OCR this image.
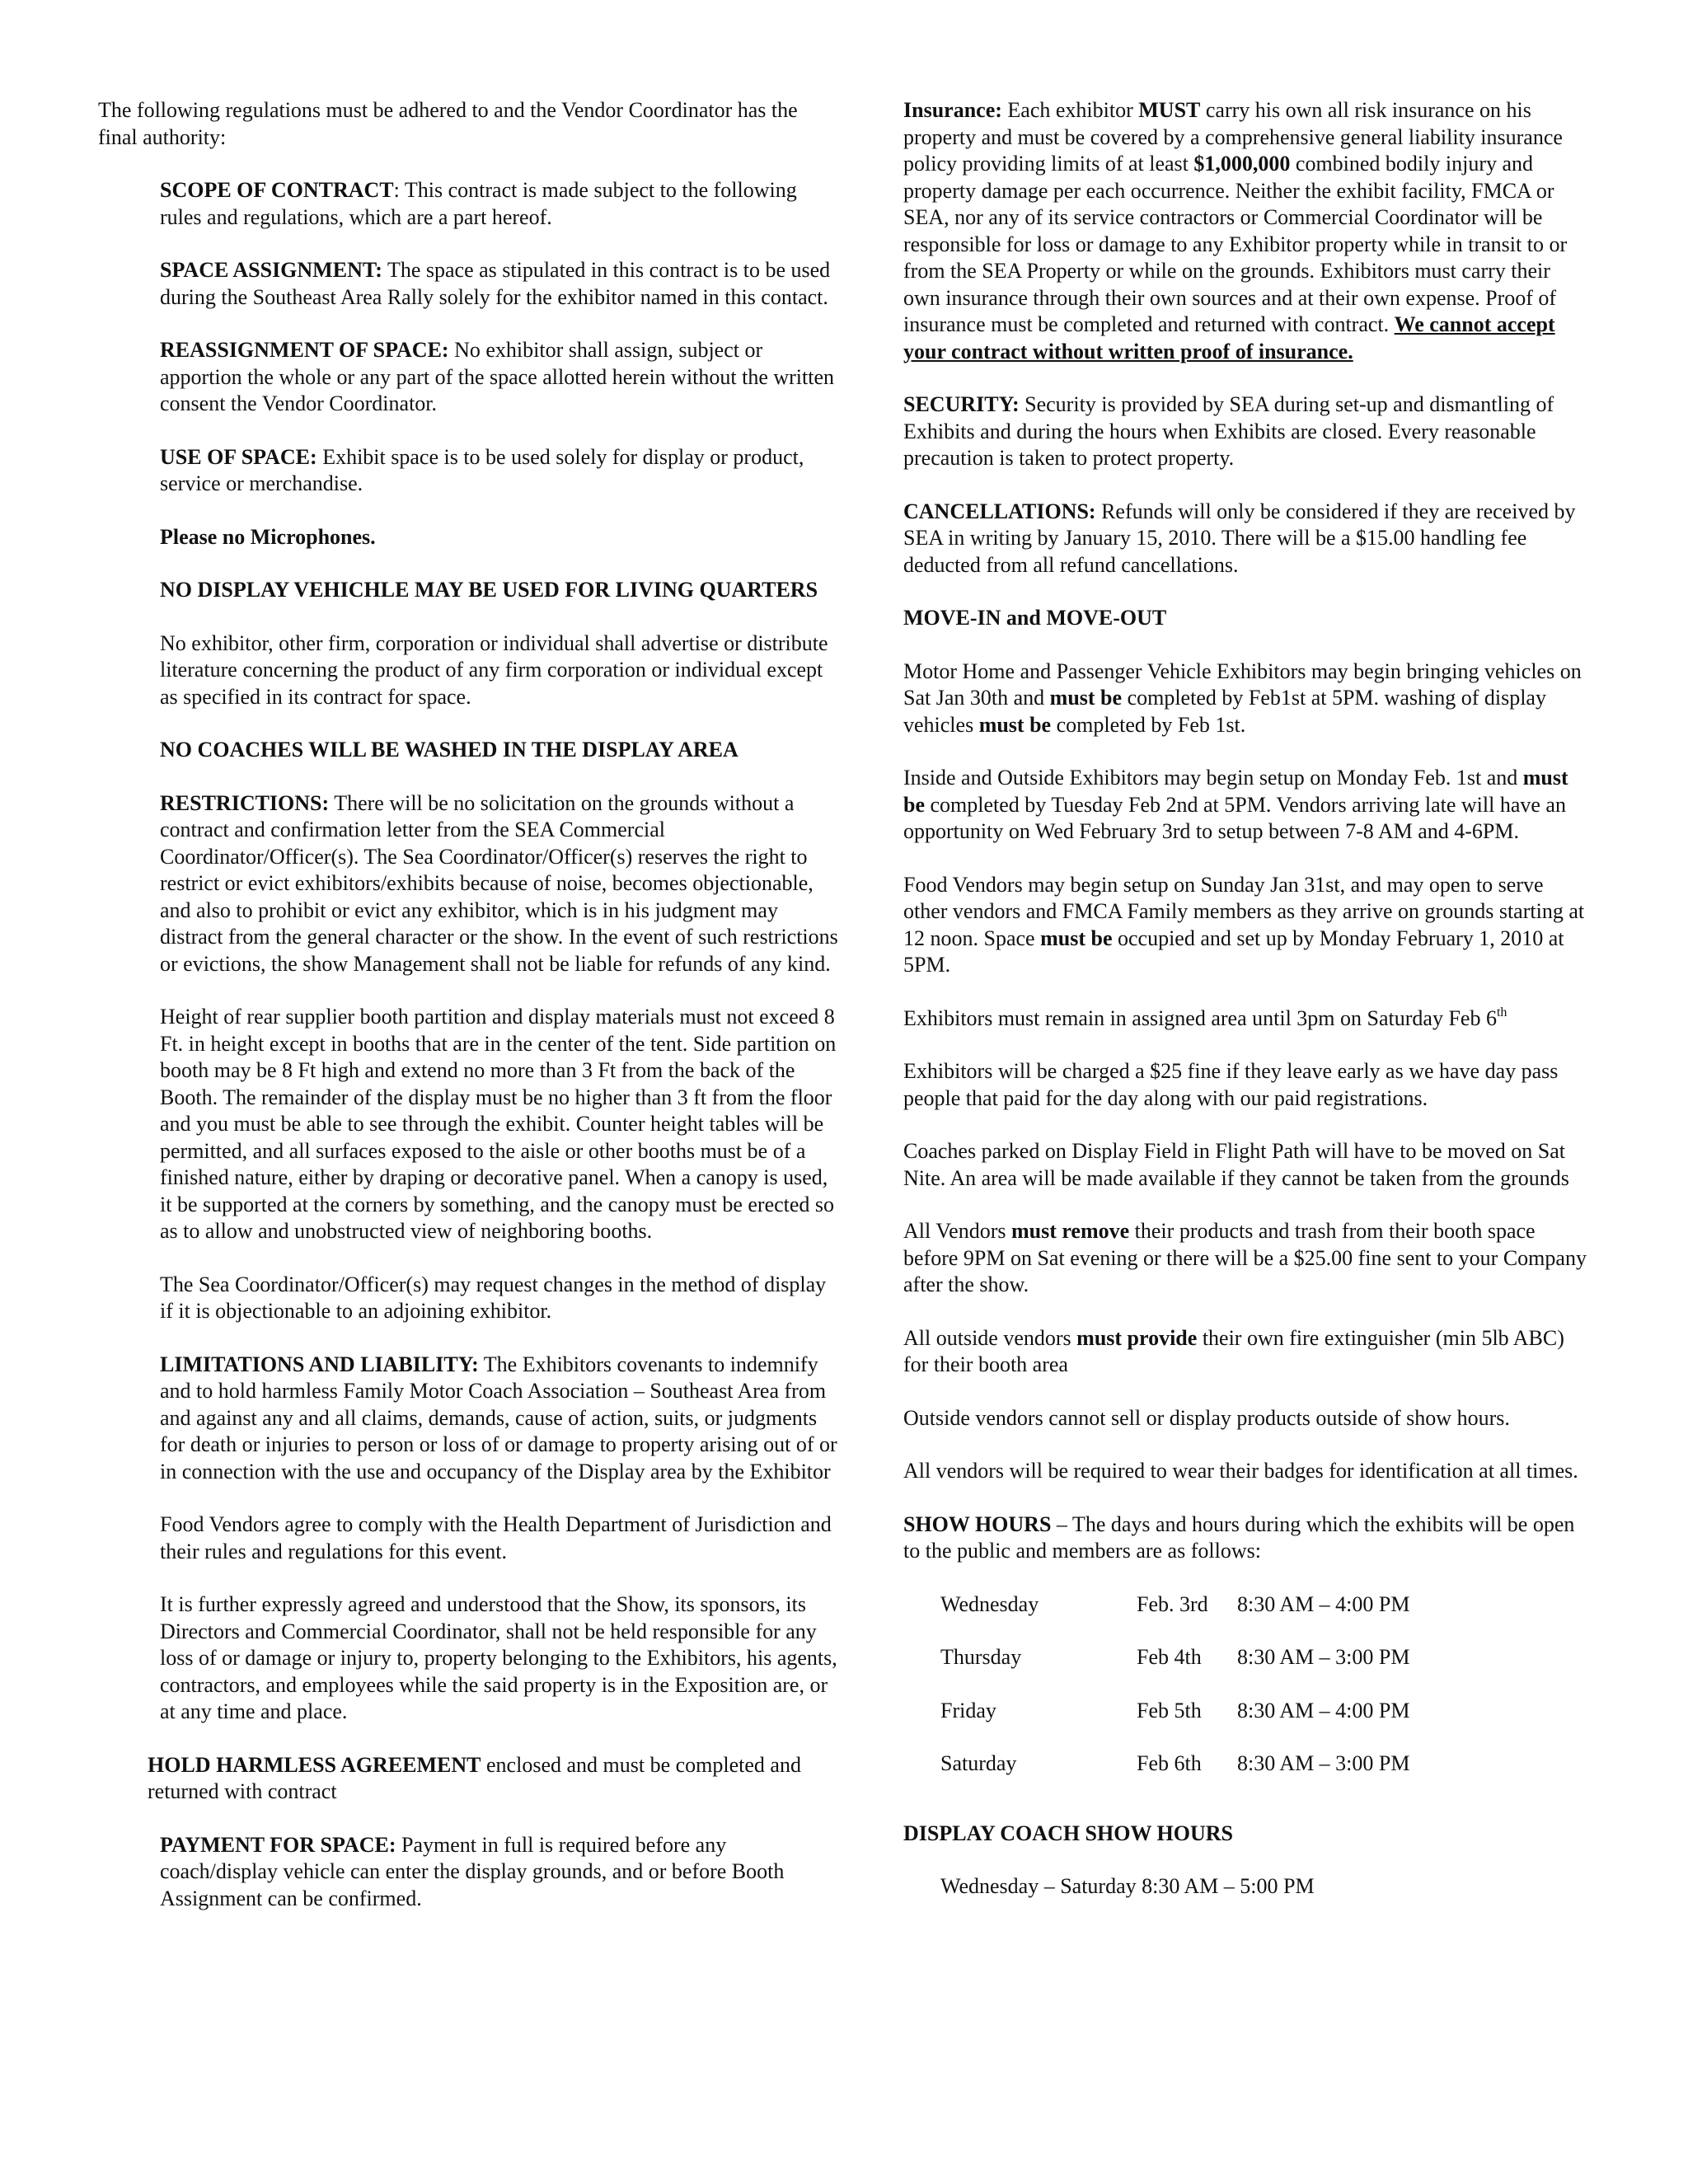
The following regulations must be adhered to and the Vendor Coordinator has the final authority:

SCOPE OF CONTRACT: This contract is made subject to the following rules and regulations, which are a part hereof.

SPACE ASSIGNMENT: The space as stipulated in this contract is to be used during the Southeast Area Rally solely for the exhibitor named in this contact.

REASSIGNMENT OF SPACE: No exhibitor shall assign, subject or apportion the whole or any part of the space allotted herein without the written consent the Vendor Coordinator.

USE OF SPACE: Exhibit space is to be used solely for display or product, service or merchandise.

Please no Microphones.

NO DISPLAY VEHICHLE MAY BE USED FOR LIVING QUARTERS

No exhibitor, other firm, corporation or individual shall advertise or distribute literature concerning the product of any firm corporation or individual except as specified in its contract for space.

NO COACHES WILL BE WASHED IN THE DISPLAY AREA

RESTRICTIONS: There will be no solicitation on the grounds without a contract and confirmation letter from the SEA Commercial Coordinator/Officer(s). The Sea Coordinator/Officer(s) reserves the right to restrict or evict exhibitors/exhibits because of noise, becomes objectionable, and also to prohibit or evict any exhibitor, which is in his judgment may distract from the general character or the show. In the event of such restrictions or evictions, the show Management shall not be liable for refunds of any kind.

Height of rear supplier booth partition and display materials must not exceed 8 Ft. in height except in booths that are in the center of the tent. Side partition on booth may be 8 Ft high and extend no more than 3 Ft from the back of the Booth. The remainder of the display must be no higher than 3 ft from the floor and you must be able to see through the exhibit. Counter height tables will be permitted, and all surfaces exposed to the aisle or other booths must be of a finished nature, either by draping or decorative panel. When a canopy is used, it be supported at the corners by something, and the canopy must be erected so as to allow and unobstructed view of neighboring booths.

The Sea Coordinator/Officer(s) may request changes in the method of display if it is objectionable to an adjoining exhibitor.

LIMITATIONS AND LIABILITY: The Exhibitors covenants to indemnify and to hold harmless Family Motor Coach Association – Southeast Area from and against any and all claims, demands, cause of action, suits, or judgments for death or injuries to person or loss of or damage to property arising out of or in connection with the use and occupancy of the Display area by the Exhibitor

Food Vendors agree to comply with the Health Department of Jurisdiction and their rules and regulations for this event.

It is further expressly agreed and understood that the Show, its sponsors, its Directors and Commercial Coordinator, shall not be held responsible for any loss of or damage or injury to, property belonging to the Exhibitors, his agents, contractors, and employees while the said property is in the Exposition are, or at any time and place.

HOLD HARMLESS AGREEMENT enclosed and must be completed and returned with contract

PAYMENT FOR SPACE: Payment in full is required before any coach/display vehicle can enter the display grounds, and or before Booth Assignment can be confirmed.

Insurance: Each exhibitor MUST carry his own all risk insurance on his property and must be covered by a comprehensive general liability insurance policy providing limits of at least $1,000,000 combined bodily injury and property damage per each occurrence. Neither the exhibit facility, FMCA or SEA, nor any of its service contractors or Commercial Coordinator will be responsible for loss or damage to any Exhibitor property while in transit to or from the SEA Property or while on the grounds. Exhibitors must carry their own insurance through their own sources and at their own expense. Proof of insurance must be completed and returned with contract. We cannot accept your contract without written proof of insurance.

SECURITY: Security is provided by SEA during set-up and dismantling of Exhibits and during the hours when Exhibits are closed. Every reasonable precaution is taken to protect property.

CANCELLATIONS: Refunds will only be considered if they are received by SEA in writing by January 15, 2010. There will be a $15.00 handling fee deducted from all refund cancellations.

MOVE-IN and MOVE-OUT

Motor Home and Passenger Vehicle Exhibitors may begin bringing vehicles on Sat Jan 30th and must be completed by Feb1st at 5PM. washing of display vehicles must be completed by Feb 1st.

Inside and Outside Exhibitors may begin setup on Monday Feb. 1st and must be completed by Tuesday Feb 2nd at 5PM. Vendors arriving late will have an opportunity on Wed February 3rd to setup between 7-8 AM and 4-6PM.

Food Vendors may begin setup on Sunday Jan 31st, and may open to serve other vendors and FMCA Family members as they arrive on grounds starting at 12 noon. Space must be occupied and set up by Monday February 1, 2010 at 5PM.

Exhibitors must remain in assigned area until 3pm on Saturday Feb 6th

Exhibitors will be charged a $25 fine if they leave early as we have day pass people that paid for the day along with our paid registrations.

Coaches parked on Display Field in Flight Path will have to be moved on Sat Nite. An area will be made available if they cannot be taken from the grounds

All Vendors must remove their products and trash from their booth space before 9PM on Sat evening or there will be a $25.00 fine sent to your Company after the show.

All outside vendors must provide their own fire extinguisher (min 5lb ABC) for their booth area

Outside vendors cannot sell or display products outside of show hours.

All vendors will be required to wear their badges for identification at all times.

SHOW HOURS – The days and hours during which the exhibits will be open to the public and members are as follows:

Wednesday	Feb. 3rd	8:30 AM – 4:00 PM
Thursday	Feb 4th	8:30 AM – 3:00 PM
Friday	Feb 5th	8:30 AM – 4:00 PM
Saturday	Feb 6th	8:30 AM – 3:00 PM

DISPLAY COACH SHOW HOURS

Wednesday – Saturday 8:30 AM – 5:00 PM
